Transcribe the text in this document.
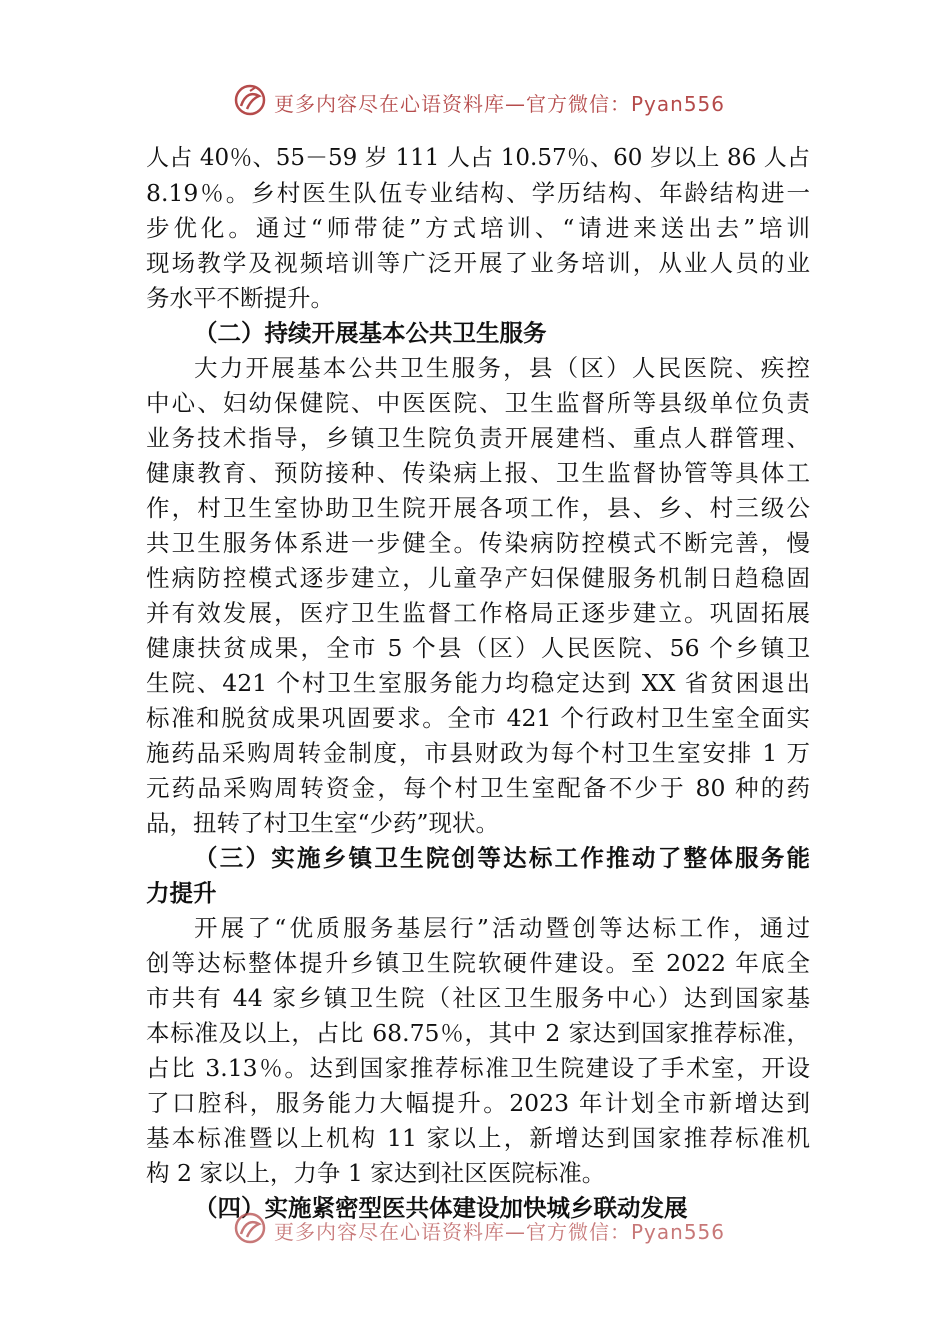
更多内容尽在心语资料库—官方微信：Pyan556
人占 40％、55－59 岁 111 人占 10.57％、60 岁以上 86 人占
8.19％。乡村医生队伍专业结构、学历结构、年龄结构进一
步优化。通过“师带徒”方式培训、“请进来送出去”培训
现场教学及视频培训等广泛开展了业务培训，从业人员的业
务水平不断提升。
（二）持续开展基本公共卫生服务
大力开展基本公共卫生服务，县（区）人民医院、疾控
中心、妇幼保健院、中医医院、卫生监督所等县级单位负责
业务技术指导，乡镇卫生院负责开展建档、重点人群管理、
健康教育、预防接种、传染病上报、卫生监督协管等具体工
作，村卫生室协助卫生院开展各项工作，县、乡、村三级公
共卫生服务体系进一步健全。传染病防控模式不断完善，慢
性病防控模式逐步建立，儿童孕产妇保健服务机制日趋稳固
并有效发展，医疗卫生监督工作格局正逐步建立。巩固拓展
健康扶贫成果，全市 5 个县（区）人民医院、56 个乡镇卫
生院、421 个村卫生室服务能力均稳定达到 XX 省贫困退出
标准和脱贫成果巩固要求。全市 421 个行政村卫生室全面实
施药品采购周转金制度，市县财政为每个村卫生室安排 1 万
元药品采购周转资金，每个村卫生室配备不少于 80 种的药
品，扭转了村卫生室“少药”现状。
（三）实施乡镇卫生院创等达标工作推动了整体服务能
力提升
开展了“优质服务基层行”活动暨创等达标工作，通过
创等达标整体提升乡镇卫生院软硬件建设。至 2022 年底全
市共有 44 家乡镇卫生院（社区卫生服务中心）达到国家基
本标准及以上，占比 68.75％，其中 2 家达到国家推荐标准，
占比 3.13％。达到国家推荐标准卫生院建设了手术室，开设
了口腔科，服务能力大幅提升。2023 年计划全市新增达到
基本标准暨以上机构 11 家以上，新增达到国家推荐标准机
构 2 家以上，力争 1 家达到社区医院标准。
（四）实施紧密型医共体建设加快城乡联动发展
更多内容尽在心语资料库—官方微信：Pyan556
